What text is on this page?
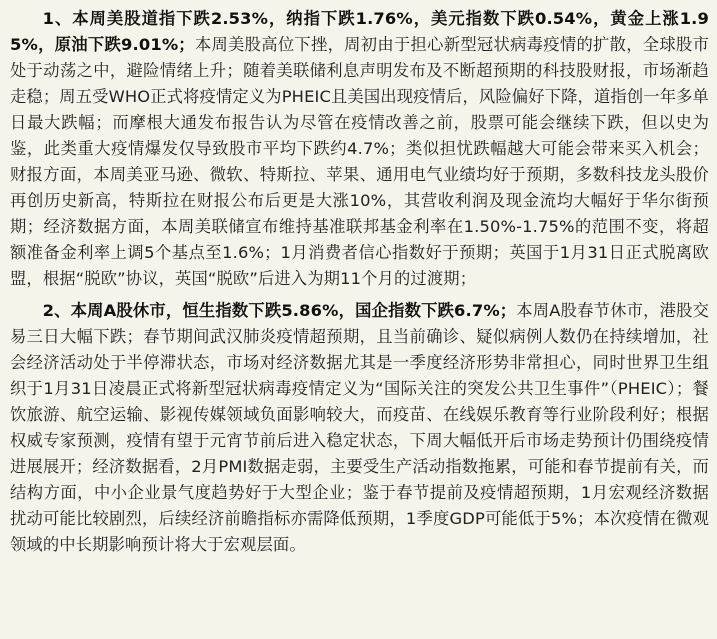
1、本周美股道指下跌2.53%，纳指下跌1.76%，美元指数下跌0.54%，黄金上涨1.95%，原油下跌9.01%；本周美股高位下挫，周初由于担心新型冠状病毒疫情的扩散，全球股市处于动荡之中，避险情绪上升；随着美联储利息声明发布及不断超预期的科技股财报，市场渐趋走稳；周五受WHO正式将疫情定义为PHEIC且美国出现疫情后，风险偏好下降，道指创一年多单日最大跌幅；而摩根大通发布报告认为尽管在疫情改善之前，股票可能会继续下跌，但以史为鉴，此类重大疫情爆发仅导致股市平均下跌约4.7%；类似担忧跌幅越大可能会带来买入机会；财报方面，本周美亚马逊、微软、特斯拉、苹果、通用电气业绩均好于预期，多数科技龙头股价再创历史新高，特斯拉在财报公布后更是大涨10%，其营收利润及现金流均大幅好于华尔街预期；经济数据方面，本周美联储宣布维持基准联邦基金利率在1.50%-1.75%的范围不变，将超额准备金利率上调5个基点至1.6%；1月消费者信心指数好于预期；英国于1月31日正式脱离欧盟，根据“脱欧”协议，英国“脱欧”后进入为期11个月的过渡期；

2、本周A股休市，恒生指数下跌5.86%，国企指数下跌6.7%；本周A股春节休市，港股交易三日大幅下跌；春节期间武汉肺炎疫情超预期，且当前确诊、疑似病例人数仍在持续增加，社会经济活动处于半停滞状态，市场对经济数据尤其是一季度经济形势非常担心，同时世界卫生组织于1月31日凌晨正式将新型冠状病毒疫情定义为“国际关注的突发公共卫生事件”（PHEIC）；餐饮旅游、航空运输、影视传媒领域负面影响较大，而疫苗、在线娱乐教育等行业阶段利好；根据权威专家预测，疫情有望于元宵节前后进入稳定状态，下周大幅低开后市场走势预计仍围绕疫情进展展开；经济数据看，2月PMI数据走弱，主要受生产活动指数拖累，可能和春节提前有关，而结构方面，中小企业景气度趋势好于大型企业；鉴于春节提前及疫情超预期，1月宏观经济数据扰动可能比较剧烈，后续经济前瞻指标亦需降低预期，1季度GDP可能低于5%；本次疫情在微观领域的中长期影响预计将大于宏观层面。
